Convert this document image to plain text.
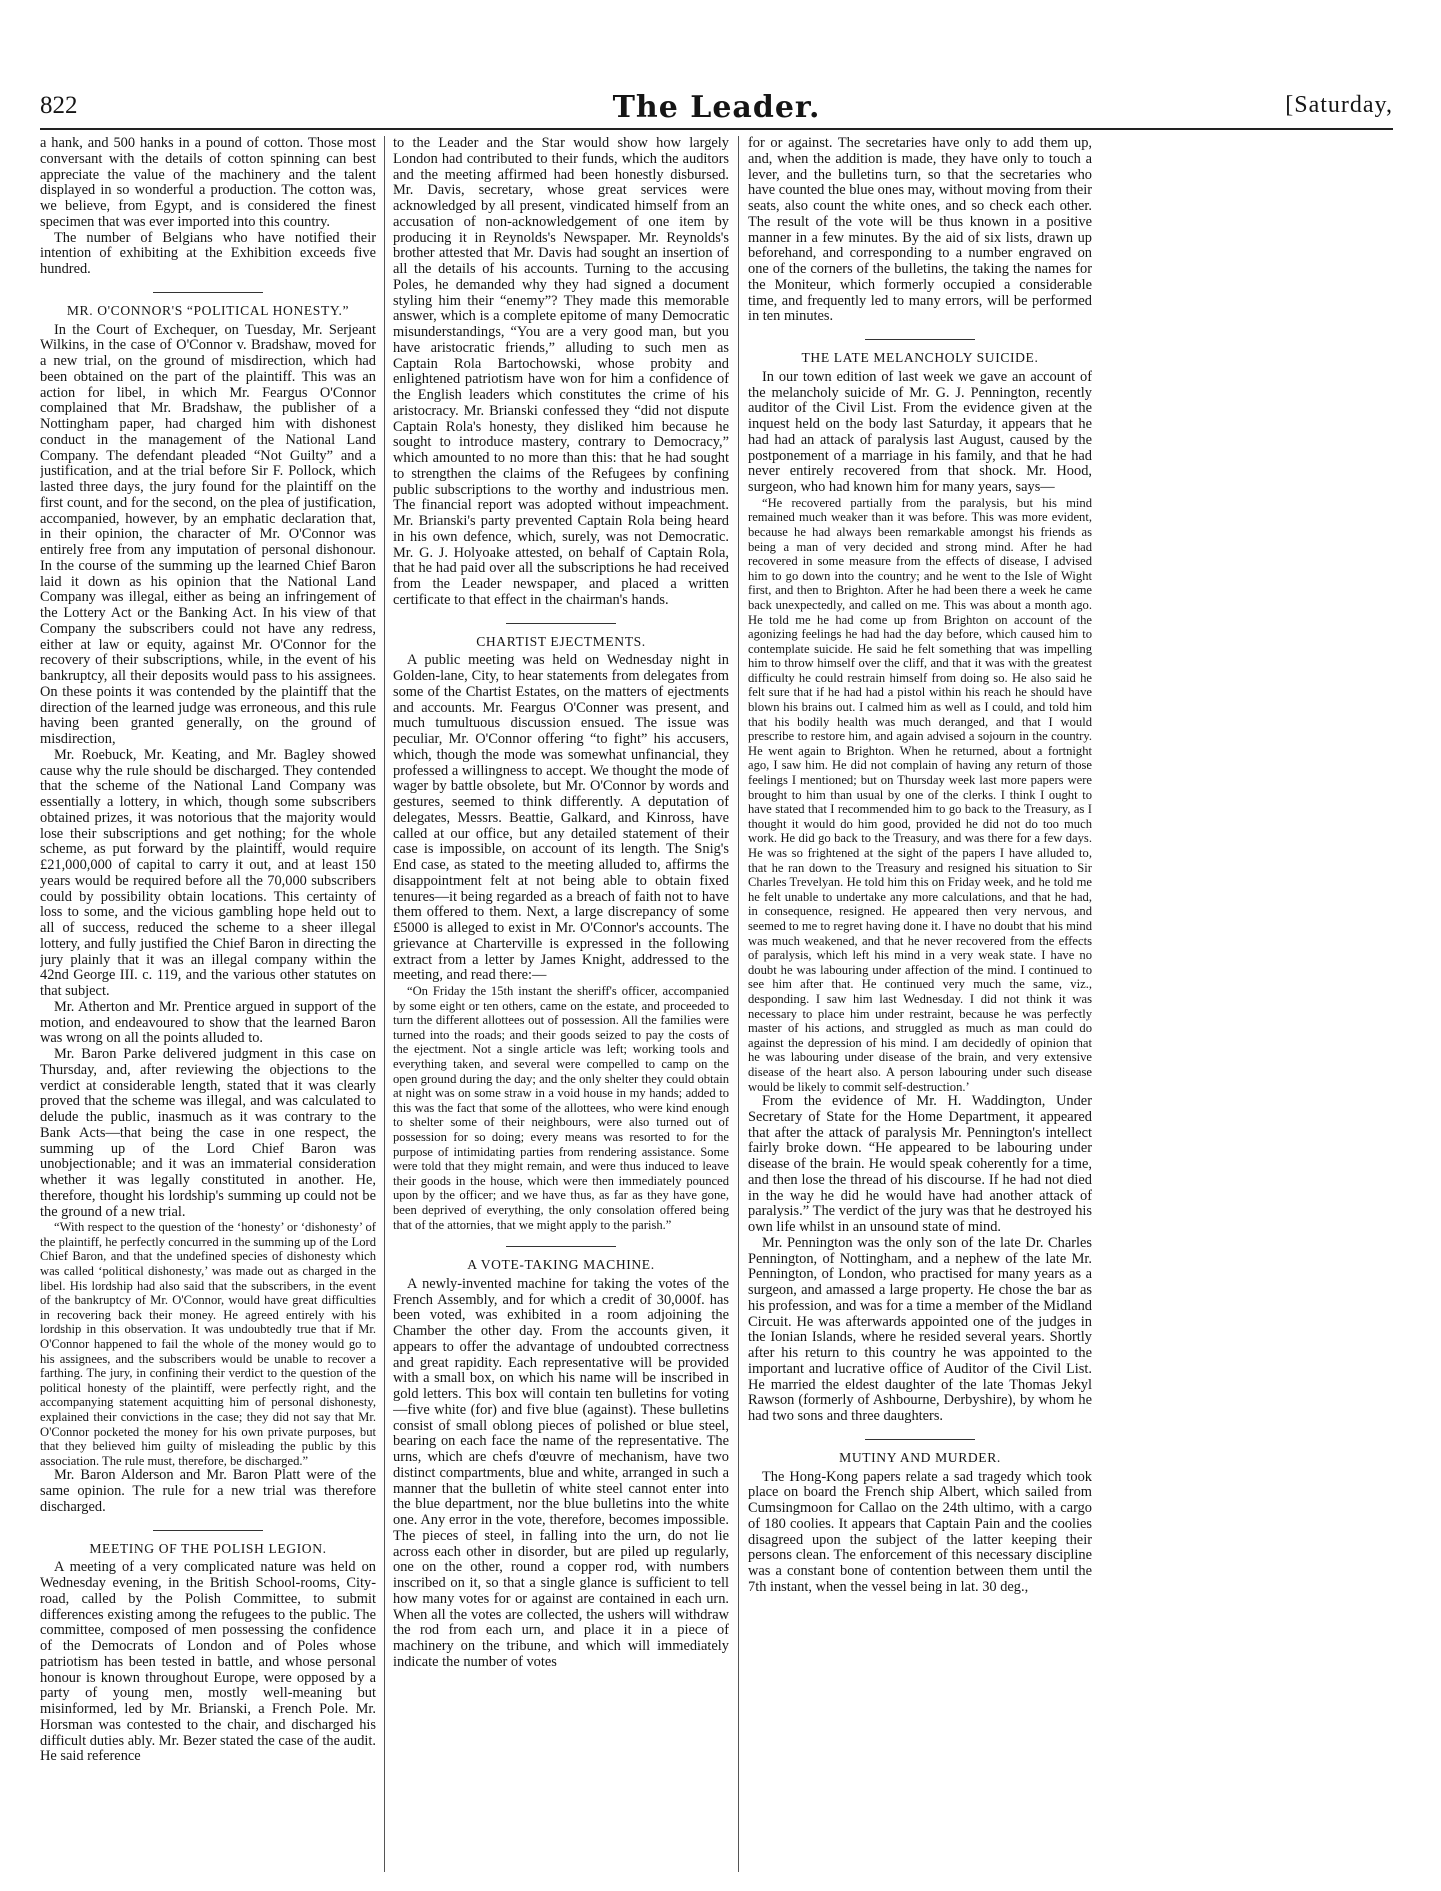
822	The Leader.	[Saturday,

a hank, and 500 hanks in a pound of cotton. Those most conversant with the details of cotton spinning can best appreciate the value of the machinery and the talent displayed in so wonderful a production. The cotton was, we believe, from Egypt, and is considered the finest specimen that was ever imported into this country.

The number of Belgians who have notified their intention of exhibiting at the Exhibition exceeds five hundred.

MR. O'CONNOR'S “POLITICAL HONESTY.”

In the Court of Exchequer, on Tuesday, Mr. Serjeant Wilkins, in the case of O'Connor v. Bradshaw, moved for a new trial, on the ground of misdirection, which had been obtained on the part of the plaintiff. This was an action for libel, in which Mr. Feargus O'Connor complained that Mr. Bradshaw, the publisher of a Nottingham paper, had charged him with dishonest conduct in the management of the National Land Company. The defendant pleaded “Not Guilty” and a justification, and at the trial before Sir F. Pollock, which lasted three days, the jury found for the plaintiff on the first count, and for the second, on the plea of justification, accompanied, however, by an emphatic declaration that, in their opinion, the character of Mr. O'Connor was entirely free from any imputation of personal dishonour. In the course of the summing up the learned Chief Baron laid it down as his opinion that the National Land Company was illegal, either as being an infringement of the Lottery Act or the Banking Act. In his view of that Company the subscribers could not have any redress, either at law or equity, against Mr. O'Connor for the recovery of their subscriptions, while, in the event of his bankruptcy, all their deposits would pass to his assignees. On these points it was contended by the plaintiff that the direction of the learned judge was erroneous, and this rule having been granted generally, on the ground of misdirection,

Mr. Roebuck, Mr. Keating, and Mr. Bagley showed cause why the rule should be discharged. They contended that the scheme of the National Land Company was essentially a lottery, in which, though some subscribers obtained prizes, it was notorious that the majority would lose their subscriptions and get nothing; for the whole scheme, as put forward by the plaintiff, would require £21,000,000 of capital to carry it out, and at least 150 years would be required before all the 70,000 subscribers could by possibility obtain locations. This certainty of loss to some, and the vicious gambling hope held out to all of success, reduced the scheme to a sheer illegal lottery, and fully justified the Chief Baron in directing the jury plainly that it was an illegal company within the 42nd George III. c. 119, and the various other statutes on that subject.

Mr. Atherton and Mr. Prentice argued in support of the motion, and endeavoured to show that the learned Baron was wrong on all the points alluded to.

Mr. Baron Parke delivered judgment in this case on Thursday, and, after reviewing the objections to the verdict at considerable length, stated that it was clearly proved that the scheme was illegal, and was calculated to delude the public, inasmuch as it was contrary to the Bank Acts—that being the case in one respect, the summing up of the Lord Chief Baron was unobjectionable; and it was an immaterial consideration whether it was legally constituted in another. He, therefore, thought his lordship's summing up could not be the ground of a new trial.

“With respect to the question of the ‘honesty’ or ‘dishonesty’ of the plaintiff, he perfectly concurred in the summing up of the Lord Chief Baron, and that the undefined species of dishonesty which was called ‘political dishonesty,’ was made out as charged in the libel. His lordship had also said that the subscribers, in the event of the bankruptcy of Mr. O'Connor, would have great difficulties in recovering back their money. He agreed entirely with his lordship in this observation. It was undoubtedly true that if Mr. O'Connor happened to fail the whole of the money would go to his assignees, and the subscribers would be unable to recover a farthing. The jury, in confining their verdict to the question of the political honesty of the plaintiff, were perfectly right, and the accompanying statement acquitting him of personal dishonesty, explained their convictions in the case; they did not say that Mr. O'Connor pocketed the money for his own private purposes, but that they believed him guilty of misleading the public by this association. The rule must, therefore, be discharged.”

Mr. Baron Alderson and Mr. Baron Platt were of the same opinion. The rule for a new trial was therefore discharged.

MEETING OF THE POLISH LEGION.

A meeting of a very complicated nature was held on Wednesday evening, in the British School-rooms, City-road, called by the Polish Committee, to submit differences existing among the refugees to the public. The committee, composed of men possessing the confidence of the Democrats of London and of Poles whose patriotism has been tested in battle, and whose personal honour is known throughout Europe, were opposed by a party of young men, mostly well-meaning but misinformed, led by Mr. Brianski, a French Pole. Mr. Horsman was contested to the chair, and discharged his difficult duties ably. Mr. Bezer stated the case of the audit. He said reference

to the Leader and the Star would show how largely London had contributed to their funds, which the auditors and the meeting affirmed had been honestly disbursed. Mr. Davis, secretary, whose great services were acknowledged by all present, vindicated himself from an accusation of non-acknowledgement of one item by producing it in Reynolds's Newspaper. Mr. Reynolds's brother attested that Mr. Davis had sought an insertion of all the details of his accounts. Turning to the accusing Poles, he demanded why they had signed a document styling him their “enemy”? They made this memorable answer, which is a complete epitome of many Democratic misunderstandings, “You are a very good man, but you have aristocratic friends,” alluding to such men as Captain Rola Bartochowski, whose probity and enlightened patriotism have won for him a confidence of the English leaders which constitutes the crime of his aristocracy. Mr. Brianski confessed they “did not dispute Captain Rola's honesty, they disliked him because he sought to introduce mastery, contrary to Democracy,” which amounted to no more than this: that he had sought to strengthen the claims of the Refugees by confining public subscriptions to the worthy and industrious men. The financial report was adopted without impeachment. Mr. Brianski's party prevented Captain Rola being heard in his own defence, which, surely, was not Democratic. Mr. G. J. Holyoake attested, on behalf of Captain Rola, that he had paid over all the subscriptions he had received from the Leader newspaper, and placed a written certificate to that effect in the chairman's hands.

CHARTIST EJECTMENTS.

A public meeting was held on Wednesday night in Golden-lane, City, to hear statements from delegates from some of the Chartist Estates, on the matters of ejectments and accounts. Mr. Feargus O'Conner was present, and much tumultuous discussion ensued. The issue was peculiar, Mr. O'Connor offering “to fight” his accusers, which, though the mode was somewhat unfinancial, they professed a willingness to accept. We thought the mode of wager by battle obsolete, but Mr. O'Connor by words and gestures, seemed to think differently. A deputation of delegates, Messrs. Beattie, Galkard, and Kinross, have called at our office, but any detailed statement of their case is impossible, on account of its length. The Snig's End case, as stated to the meeting alluded to, affirms the disappointment felt at not being able to obtain fixed tenures—it being regarded as a breach of faith not to have them offered to them. Next, a large discrepancy of some £5000 is alleged to exist in Mr. O'Connor's accounts. The grievance at Charterville is expressed in the following extract from a letter by James Knight, addressed to the meeting, and read there:—

“On Friday the 15th instant the sheriff's officer, accompanied by some eight or ten others, came on the estate, and proceeded to turn the different allottees out of possession. All the families were turned into the roads; and their goods seized to pay the costs of the ejectment. Not a single article was left; working tools and everything taken, and several were compelled to camp on the open ground during the day; and the only shelter they could obtain at night was on some straw in a void house in my hands; added to this was the fact that some of the allottees, who were kind enough to shelter some of their neighbours, were also turned out of possession for so doing; every means was resorted to for the purpose of intimidating parties from rendering assistance. Some were told that they might remain, and were thus induced to leave their goods in the house, which were then immediately pounced upon by the officer; and we have thus, as far as they have gone, been deprived of everything, the only consolation offered being that of the attornies, that we might apply to the parish.”

A VOTE-TAKING MACHINE.

A newly-invented machine for taking the votes of the French Assembly, and for which a credit of 30,000f. has been voted, was exhibited in a room adjoining the Chamber the other day. From the accounts given, it appears to offer the advantage of undoubted correctness and great rapidity. Each representative will be provided with a small box, on which his name will be inscribed in gold letters. This box will contain ten bulletins for voting—five white (for) and five blue (against). These bulletins consist of small oblong pieces of polished or blue steel, bearing on each face the name of the representative. The urns, which are chefs d'œuvre of mechanism, have two distinct compartments, blue and white, arranged in such a manner that the bulletin of white steel cannot enter into the blue department, nor the blue bulletins into the white one. Any error in the vote, therefore, becomes impossible. The pieces of steel, in falling into the urn, do not lie across each other in disorder, but are piled up regularly, one on the other, round a copper rod, with numbers inscribed on it, so that a single glance is sufficient to tell how many votes for or against are contained in each urn. When all the votes are collected, the ushers will withdraw the rod from each urn, and place it in a piece of machinery on the tribune, and which will immediately indicate the number of votes

for or against. The secretaries have only to add them up, and, when the addition is made, they have only to touch a lever, and the bulletins turn, so that the secretaries who have counted the blue ones may, without moving from their seats, also count the white ones, and so check each other. The result of the vote will be thus known in a positive manner in a few minutes. By the aid of six lists, drawn up beforehand, and corresponding to a number engraved on one of the corners of the bulletins, the taking the names for the Moniteur, which formerly occupied a considerable time, and frequently led to many errors, will be performed in ten minutes.

THE LATE MELANCHOLY SUICIDE.

In our town edition of last week we gave an account of the melancholy suicide of Mr. G. J. Pennington, recently auditor of the Civil List. From the evidence given at the inquest held on the body last Saturday, it appears that he had had an attack of paralysis last August, caused by the postponement of a marriage in his family, and that he had never entirely recovered from that shock. Mr. Hood, surgeon, who had known him for many years, says—

“He recovered partially from the paralysis, but his mind remained much weaker than it was before. This was more evident, because he had always been remarkable amongst his friends as being a man of very decided and strong mind. After he had recovered in some measure from the effects of disease, I advised him to go down into the country; and he went to the Isle of Wight first, and then to Brighton. After he had been there a week he came back unexpectedly, and called on me. This was about a month ago. He told me he had come up from Brighton on account of the agonizing feelings he had had the day before, which caused him to contemplate suicide. He said he felt something that was impelling him to throw himself over the cliff, and that it was with the greatest difficulty he could restrain himself from doing so. He also said he felt sure that if he had had a pistol within his reach he should have blown his brains out. I calmed him as well as I could, and told him that his bodily health was much deranged, and that I would prescribe to restore him, and again advised a sojourn in the country. He went again to Brighton. When he returned, about a fortnight ago, I saw him. He did not complain of having any return of those feelings I mentioned; but on Thursday week last more papers were brought to him than usual by one of the clerks. I think I ought to have stated that I recommended him to go back to the Treasury, as I thought it would do him good, provided he did not do too much work. He did go back to the Treasury, and was there for a few days. He was so frightened at the sight of the papers I have alluded to, that he ran down to the Treasury and resigned his situation to Sir Charles Trevelyan. He told him this on Friday week, and he told me he felt unable to undertake any more calculations, and that he had, in consequence, resigned. He appeared then very nervous, and seemed to me to regret having done it. I have no doubt that his mind was much weakened, and that he never recovered from the effects of paralysis, which left his mind in a very weak state. I have no doubt he was labouring under affection of the mind. I continued to see him after that. He continued very much the same, viz., desponding. I saw him last Wednesday. I did not think it was necessary to place him under restraint, because he was perfectly master of his actions, and struggled as much as man could do against the depression of his mind. I am decidedly of opinion that he was labouring under disease of the brain, and very extensive disease of the heart also. A person labouring under such disease would be likely to commit self-destruction.’

From the evidence of Mr. H. Waddington, Under Secretary of State for the Home Department, it appeared that after the attack of paralysis Mr. Pennington's intellect fairly broke down. “He appeared to be labouring under disease of the brain. He would speak coherently for a time, and then lose the thread of his discourse. If he had not died in the way he did he would have had another attack of paralysis.” The verdict of the jury was that he destroyed his own life whilst in an unsound state of mind.

Mr. Pennington was the only son of the late Dr. Charles Pennington, of Nottingham, and a nephew of the late Mr. Pennington, of London, who practised for many years as a surgeon, and amassed a large property. He chose the bar as his profession, and was for a time a member of the Midland Circuit. He was afterwards appointed one of the judges in the Ionian Islands, where he resided several years. Shortly after his return to this country he was appointed to the important and lucrative office of Auditor of the Civil List. He married the eldest daughter of the late Thomas Jekyl Rawson (formerly of Ashbourne, Derbyshire), by whom he had two sons and three daughters.

MUTINY AND MURDER.

The Hong-Kong papers relate a sad tragedy which took place on board the French ship Albert, which sailed from Cumsingmoon for Callao on the 24th ultimo, with a cargo of 180 coolies. It appears that Captain Pain and the coolies disagreed upon the subject of the latter keeping their persons clean. The enforcement of this necessary discipline was a constant bone of contention between them until the 7th instant, when the vessel being in lat. 30 deg.,
